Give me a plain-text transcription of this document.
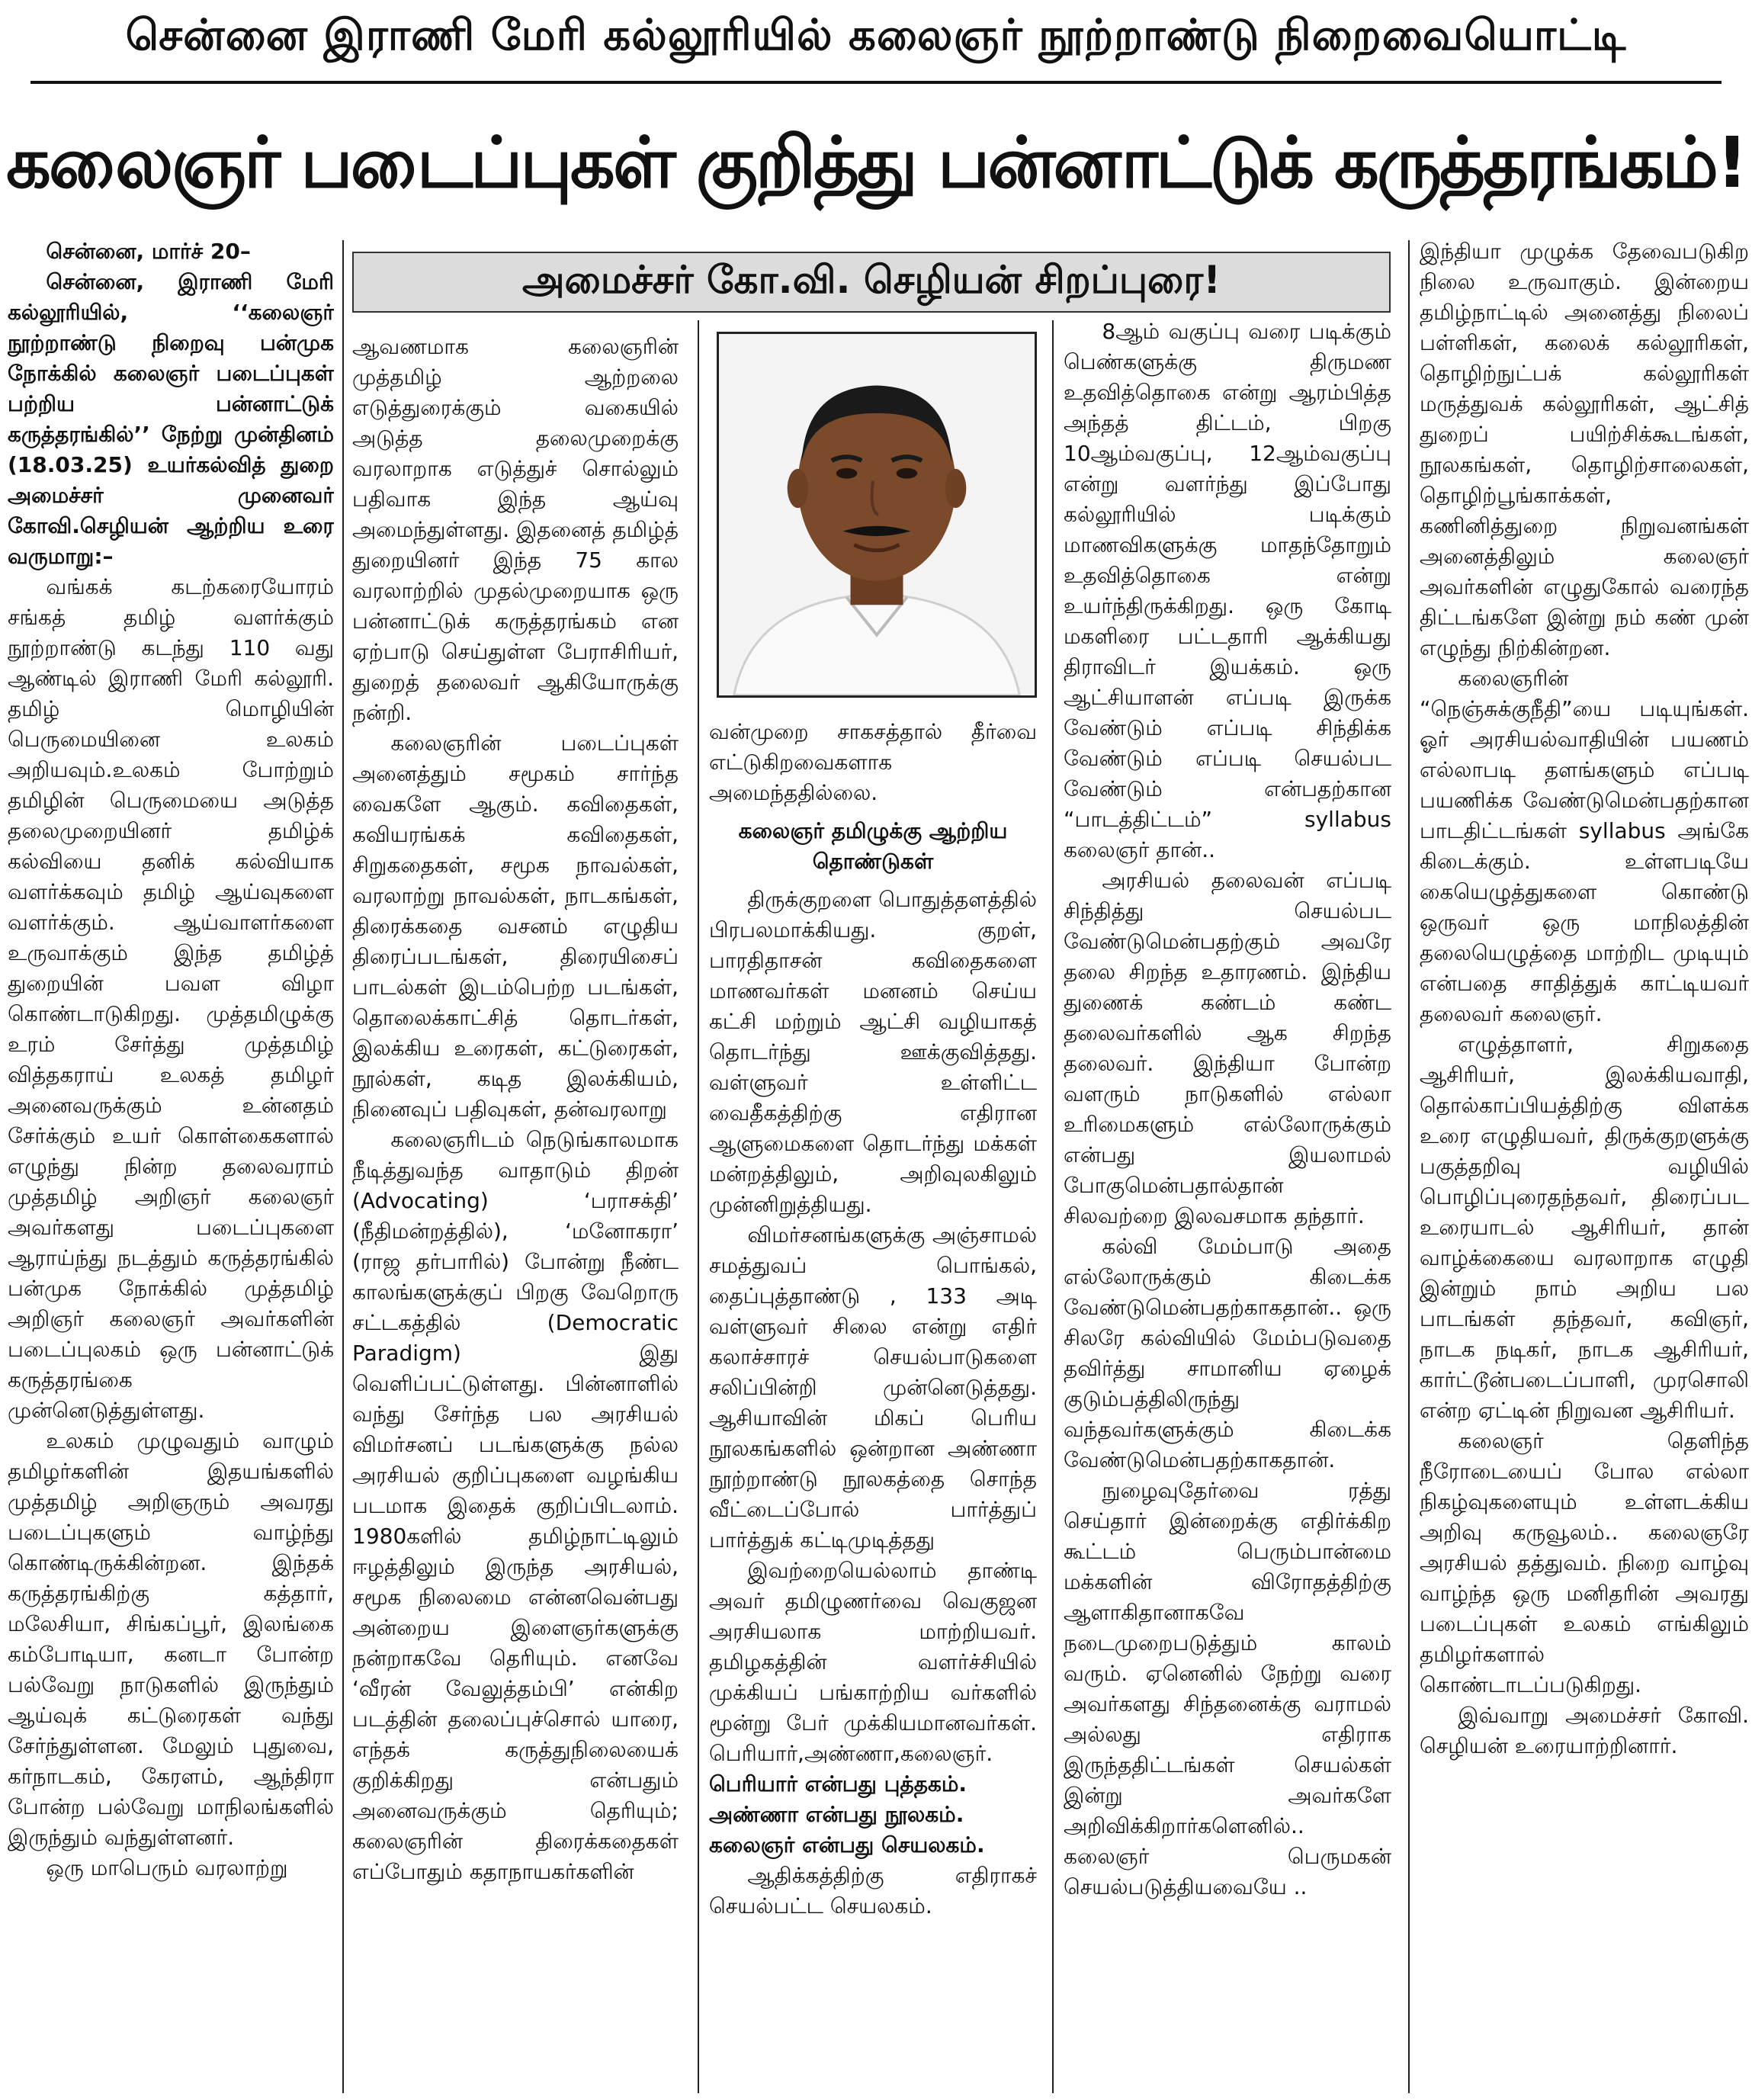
சென்னை இராணி மேரி கல்லூரியில் கலைஞர் நூற்றாண்டு நிறைவையொட்டி
கலைஞர் படைப்புகள் குறித்து பன்னாட்டுக் கருத்தரங்கம்!
அமைச்சர் கோ.வி. செழியன் சிறப்புரை!

சென்னை, மார்ச் 20–

சென்னை, இராணி மேரி கல்லூரியில், ‘‘கலைஞர் நூற்றாண்டு நிறைவு பன்முக நோக்கில் கலைஞர் படைப்புகள் பற்றிய பன்னாட்டுக் கருத்தரங்கில்’’ நேற்று முன்தினம் (18.03.25) உயர்கல்வித் துறை அமைச்சர் முனைவர் கோவி.செழியன் ஆற்றிய உரை வருமாறு:–

வங்கக் கடற்கரையோரம் சங்கத் தமிழ் வளர்க்கும் நூற்றாண்டு கடந்து 110 வது ஆண்டில் இராணி மேரி கல்லூரி. தமிழ் மொழியின் பெருமையினை உலகம் அறியவும்.உலகம் போற்றும் தமிழின் பெருமையை அடுத்த தலைமுறையினர் தமிழ்க் கல்வியை தனிக் கல்வியாக வளர்க்கவும் தமிழ் ஆய்வுகளை வளர்க்கும். ஆய்வாளர்களை உருவாக்கும் இந்த தமிழ்த் துறையின் பவள விழா கொண்டாடுகிறது. முத்தமிழுக்கு உரம் சேர்த்து முத்தமிழ் வித்தகராய் உலகத் தமிழர் அனைவருக்கும் உன்னதம் சேர்க்கும் உயர் கொள்கைகளால் எழுந்து நின்ற தலைவராம் முத்தமிழ் அறிஞர் கலைஞர் அவர்களது படைப்புகளை ஆராய்ந்து நடத்தும் கருத்தரங்கில் பன்முக நோக்கில் முத்தமிழ் அறிஞர் கலைஞர் அவர்களின் படைப்புலகம் ஒரு பன்னாட்டுக் கருத்தரங்கை முன்னெடுத்துள்ளது.

உலகம் முழுவதும் வாழும் தமிழர்களின் இதயங்களில் முத்தமிழ் அறிஞரும் அவரது படைப்புகளும் வாழ்ந்து கொண்டிருக்கின்றன. இந்தக் கருத்தரங்கிற்கு கத்தார், மலேசியா, சிங்கப்பூர், இலங்கை கம்போடியா, கனடா போன்ற பல்வேறு நாடுகளில் இருந்தும் ஆய்வுக் கட்டுரைகள் வந்து சேர்ந்துள்ளன. மேலும் புதுவை, கர்நாடகம், கேரளம், ஆந்திரா போன்ற பல்வேறு மாநிலங்களில் இருந்தும் வந்துள்ளனர்.

ஒரு மாபெரும் வரலாற்று

ஆவணமாக கலைஞரின் முத்தமிழ் ஆற்றலை எடுத்துரைக்கும் வகையில் அடுத்த தலைமுறைக்கு வரலாறாக எடுத்துச் சொல்லும் பதிவாக இந்த ஆய்வு அமைந்துள்ளது. இதனைத் தமிழ்த் துறையினர் இந்த 75 கால வரலாற்றில் முதல்முறையாக ஒரு பன்னாட்டுக் கருத்தரங்கம் என ஏற்பாடு செய்துள்ள பேராசிரியர், துறைத் தலைவர் ஆகியோருக்கு நன்றி.

கலைஞரின் படைப்புகள் அனைத்தும் சமூகம் சார்ந்த வைகளே ஆகும். கவிதைகள், கவியரங்கக் கவிதைகள், சிறுகதைகள், சமூக நாவல்கள், வரலாற்று நாவல்கள், நாடகங்கள், திரைக்கதை வசனம் எழுதிய திரைப்படங்கள், திரையிசைப் பாடல்கள் இடம்பெற்ற படங்கள், தொலைக்காட்சித் தொடர்கள், இலக்கிய உரைகள், கட்டுரைகள், நூல்கள், கடித இலக்கியம், நினைவுப் பதிவுகள், தன்வரலாறு

கலைஞரிடம் நெடுங்காலமாக நீடித்துவந்த வாதாடும் திறன் (Advocating) ‘பராசக்தி’ (நீதிமன்றத்தில்), ‘மனோகரா’ (ராஜ தர்பாரில்) போன்று நீண்ட காலங்களுக்குப் பிறகு வேறொரு சட்டகத்தில் (Democratic Paradigm) இது வெளிப்பட்டுள்ளது. பின்னாளில் வந்து சேர்ந்த பல அரசியல் விமர்சனப் படங்களுக்கு நல்ல அரசியல் குறிப்புகளை வழங்கிய படமாக இதைக் குறிப்பிடலாம். 1980களில் தமிழ்நாட்டிலும் ஈழத்திலும் இருந்த அரசியல், சமூக நிலைமை என்னவென்பது அன்றைய இளைஞர்களுக்கு நன்றாகவே தெரியும். எனவே ‘வீரன் வேலுத்தம்பி’ என்கிற படத்தின் தலைப்புச்சொல் யாரை, எந்தக் கருத்துநிலையைக் குறிக்கிறது என்பதும் அனைவருக்கும் தெரியும்; கலைஞரின் திரைக்கதைகள் எப்போதும் கதாநாயகர்களின்

வன்முறை சாகசத்தால் தீர்வை எட்டுகிறவைகளாக அமைந்ததில்லை.

கலைஞர் தமிழுக்கு ஆற்றிய தொண்டுகள்

திருக்குறளை பொதுத்தளத்தில் பிரபலமாக்கியது. குறள், பாரதிதாசன் கவிதைகளை மாணவர்கள் மனனம் செய்ய கட்சி மற்றும் ஆட்சி வழியாகத் தொடர்ந்து ஊக்குவித்தது. வள்ளுவர் உள்ளிட்ட வைதீகத்திற்கு எதிரான ஆளுமைகளை தொடர்ந்து மக்கள் மன்றத்திலும், அறிவுலகிலும் முன்னிறுத்தியது.

விமர்சனங்களுக்கு அஞ்சாமல் சமத்துவப் பொங்கல், தைப்புத்தாண்டு , 133 அடி வள்ளுவர் சிலை என்று எதிர் கலாச்சாரச் செயல்பாடுகளை சலிப்பின்றி முன்னெடுத்தது. ஆசியாவின் மிகப் பெரிய நூலகங்களில் ஒன்றான அண்ணா நூற்றாண்டு நூலகத்தை சொந்த வீட்டைப்போல் பார்த்துப் பார்த்துக் கட்டிமுடித்தது

இவற்றையெல்லாம் தாண்டி அவர் தமிழுணர்வை வெகுஜன அரசியலாக மாற்றியவர். தமிழகத்தின் வளர்ச்சியில் முக்கியப் பங்காற்றிய வர்களில் மூன்று பேர் முக்கியமானவர்கள். பெரியார்,அண்ணா,கலைஞர்.

பெரியார் என்பது புத்தகம்.

அண்ணா என்பது நூலகம்.

கலைஞர் என்பது செயலகம்.

ஆதிக்கத்திற்கு எதிராகச் செயல்பட்ட செயலகம்.

8ஆம் வகுப்பு வரை படிக்கும் பெண்களுக்கு திருமண உதவித்தொகை என்று ஆரம்பித்த அந்தத் திட்டம், பிறகு 10ஆம்வகுப்பு, 12ஆம்வகுப்பு என்று வளர்ந்து இப்போது கல்லூரியில் படிக்கும் மாணவிகளுக்கு மாதந்தோறும் உதவித்தொகை என்று உயர்ந்திருக்கிறது. ஒரு கோடி மகளிரை பட்டதாரி ஆக்கியது திராவிடர் இயக்கம். ஒரு ஆட்சியாளன் எப்படி இருக்க வேண்டும் எப்படி சிந்திக்க வேண்டும் எப்படி செயல்பட வேண்டும் என்பதற்கான “பாடத்திட்டம்” syllabus கலைஞர் தான்..

அரசியல் தலைவன் எப்படி சிந்தித்து செயல்பட வேண்டுமென்பதற்கும் அவரே தலை சிறந்த உதாரணம். இந்திய துணைக் கண்டம் கண்ட தலைவர்களில் ஆக சிறந்த தலைவர். இந்தியா போன்ற வளரும் நாடுகளில் எல்லா உரிமைகளும் எல்லோருக்கும் என்பது இயலாமல் போகுமென்பதால்தான் சிலவற்றை இலவசமாக தந்தார்.

கல்வி மேம்பாடு அதை எல்லோருக்கும் கிடைக்க வேண்டுமென்பதற்காகதான்.. ஒரு சிலரே கல்வியில் மேம்படுவதை தவிர்த்து சாமானிய ஏழைக் குடும்பத்திலிருந்து வந்தவர்களுக்கும் கிடைக்க வேண்டுமென்பதற்காகதான்.

நுழைவுதேர்வை ரத்து செய்தார் இன்றைக்கு எதிர்க்கிற கூட்டம் பெரும்பான்மை மக்களின் விரோதத்திற்கு ஆளாகிதானாகவே நடைமுறைபடுத்தும் காலம் வரும். ஏனெனில் நேற்று வரை அவர்களது சிந்தனைக்கு வராமல் அல்லது எதிராக இருந்ததிட்டங்கள் செயல்கள் இன்று அவர்களே அறிவிக்கிறார்களெனில்.. கலைஞர் பெருமகன் செயல்படுத்தியவையே ..

இந்தியா முழுக்க தேவைபடுகிற நிலை உருவாகும். இன்றைய தமிழ்நாட்டில் அனைத்து நிலைப் பள்ளிகள், கலைக் கல்லூரிகள், தொழிற்நுட்பக் கல்லூரிகள் மருத்துவக் கல்லூரிகள், ஆட்சித் துறைப் பயிற்சிக்கூடங்கள், நூலகங்கள், தொழிற்சாலைகள், தொழிற்பூங்காக்கள், கணினித்துறை நிறுவனங்கள் அனைத்திலும் கலைஞர் அவர்களின் எழுதுகோல் வரைந்த திட்டங்களே இன்று நம் கண் முன் எழுந்து நிற்கின்றன.

கலைஞரின் “நெஞ்சுக்குநீதி”யை படியுங்கள். ஓர் அரசியல்வாதியின் பயணம் எல்லாபடி தளங்களும் எப்படி பயணிக்க வேண்டுமென்பதற்கான பாடதிட்டங்கள் syllabus அங்கே கிடைக்கும். உள்ளபடியே கையெழுத்துகளை கொண்டு ஒருவர் ஒரு மாநிலத்தின் தலையெழுத்தை மாற்றிட முடியும் என்பதை சாதித்துக் காட்டியவர் தலைவர் கலைஞர்.

எழுத்தாளர், சிறுகதை ஆசிரியர், இலக்கியவாதி, தொல்காப்பியத்திற்கு விளக்க உரை எழுதியவர், திருக்குறளுக்கு பகுத்தறிவு வழியில் பொழிப்புரைதந்தவர், திரைப்பட உரையாடல் ஆசிரியர், தான் வாழ்க்கையை வரலாறாக எழுதி இன்றும் நாம் அறிய பல பாடங்கள் தந்தவர், கவிஞர், நாடக நடிகர், நாடக ஆசிரியர், கார்ட்டூன்படைப்பாளி, முரசொலி என்ற ஏட்டின் நிறுவன ஆசிரியர்.

கலைஞர் தெளிந்த நீரோடையைப் போல எல்லா நிகழ்வுகளையும் உள்ளடக்கிய அறிவு கருவூலம்.. கலைஞரே அரசியல் தத்துவம். நிறை வாழ்வு வாழ்ந்த ஒரு மனிதரின் அவரது படைப்புகள் உலகம் எங்கிலும் தமிழர்களால் கொண்டாடப்படுகிறது.

இவ்வாறு அமைச்சர் கோவி. செழியன் உரையாற்றினார்.
